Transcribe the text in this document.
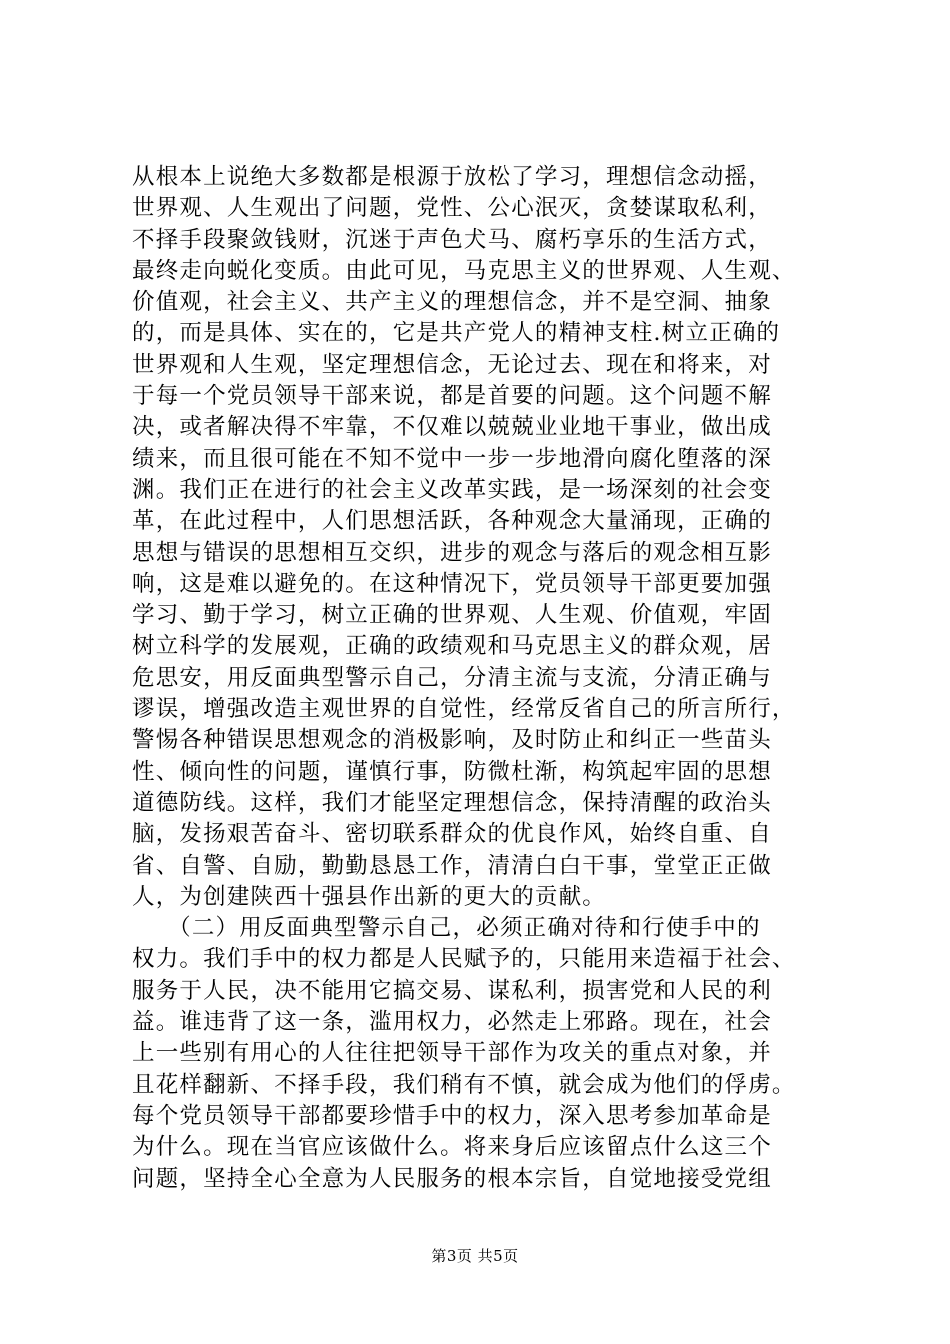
从根本上说绝大多数都是根源于放松了学习，理想信念动摇，
世界观、人生观出了问题，党性、公心泯灭，贪婪谋取私利，
不择手段聚敛钱财，沉迷于声色犬马、腐朽享乐的生活方式，
最终走向蜕化变质。由此可见，马克思主义的世界观、人生观、
价值观，社会主义、共产主义的理想信念，并不是空洞、抽象
的，而是具体、实在的，它是共产党人的精神支柱.树立正确的
世界观和人生观，坚定理想信念，无论过去、现在和将来，对
于每一个党员领导干部来说，都是首要的问题。这个问题不解
决，或者解决得不牢靠，不仅难以兢兢业业地干事业，做出成
绩来，而且很可能在不知不觉中一步一步地滑向腐化堕落的深
渊。我们正在进行的社会主义改革实践，是一场深刻的社会变
革，在此过程中，人们思想活跃，各种观念大量涌现，正确的
思想与错误的思想相互交织，进步的观念与落后的观念相互影
响，这是难以避免的。在这种情况下，党员领导干部更要加强
学习、勤于学习，树立正确的世界观、人生观、价值观，牢固
树立科学的发展观，正确的政绩观和马克思主义的群众观，居
危思安，用反面典型警示自己，分清主流与支流，分清正确与
谬误，增强改造主观世界的自觉性，经常反省自己的所言所行，
警惕各种错误思想观念的消极影响，及时防止和纠正一些苗头
性、倾向性的问题，谨慎行事，防微杜渐，构筑起牢固的思想
道德防线。这样，我们才能坚定理想信念，保持清醒的政治头
脑，发扬艰苦奋斗、密切联系群众的优良作风，始终自重、自
省、自警、自励，勤勤恳恳工作，清清白白干事，堂堂正正做
人，为创建陕西十强县作出新的更大的贡献。
　　（二）用反面典型警示自己，必须正确对待和行使手中的
权力。我们手中的权力都是人民赋予的，只能用来造福于社会、
服务于人民，决不能用它搞交易、谋私利，损害党和人民的利
益。谁违背了这一条，滥用权力，必然走上邪路。现在，社会
上一些别有用心的人往往把领导干部作为攻关的重点对象，并
且花样翻新、不择手段，我们稍有不慎，就会成为他们的俘虏。
每个党员领导干部都要珍惜手中的权力，深入思考参加革命是
为什么。现在当官应该做什么。将来身后应该留点什么这三个
问题，坚持全心全意为人民服务的根本宗旨，自觉地接受党组
第3页 共5页
